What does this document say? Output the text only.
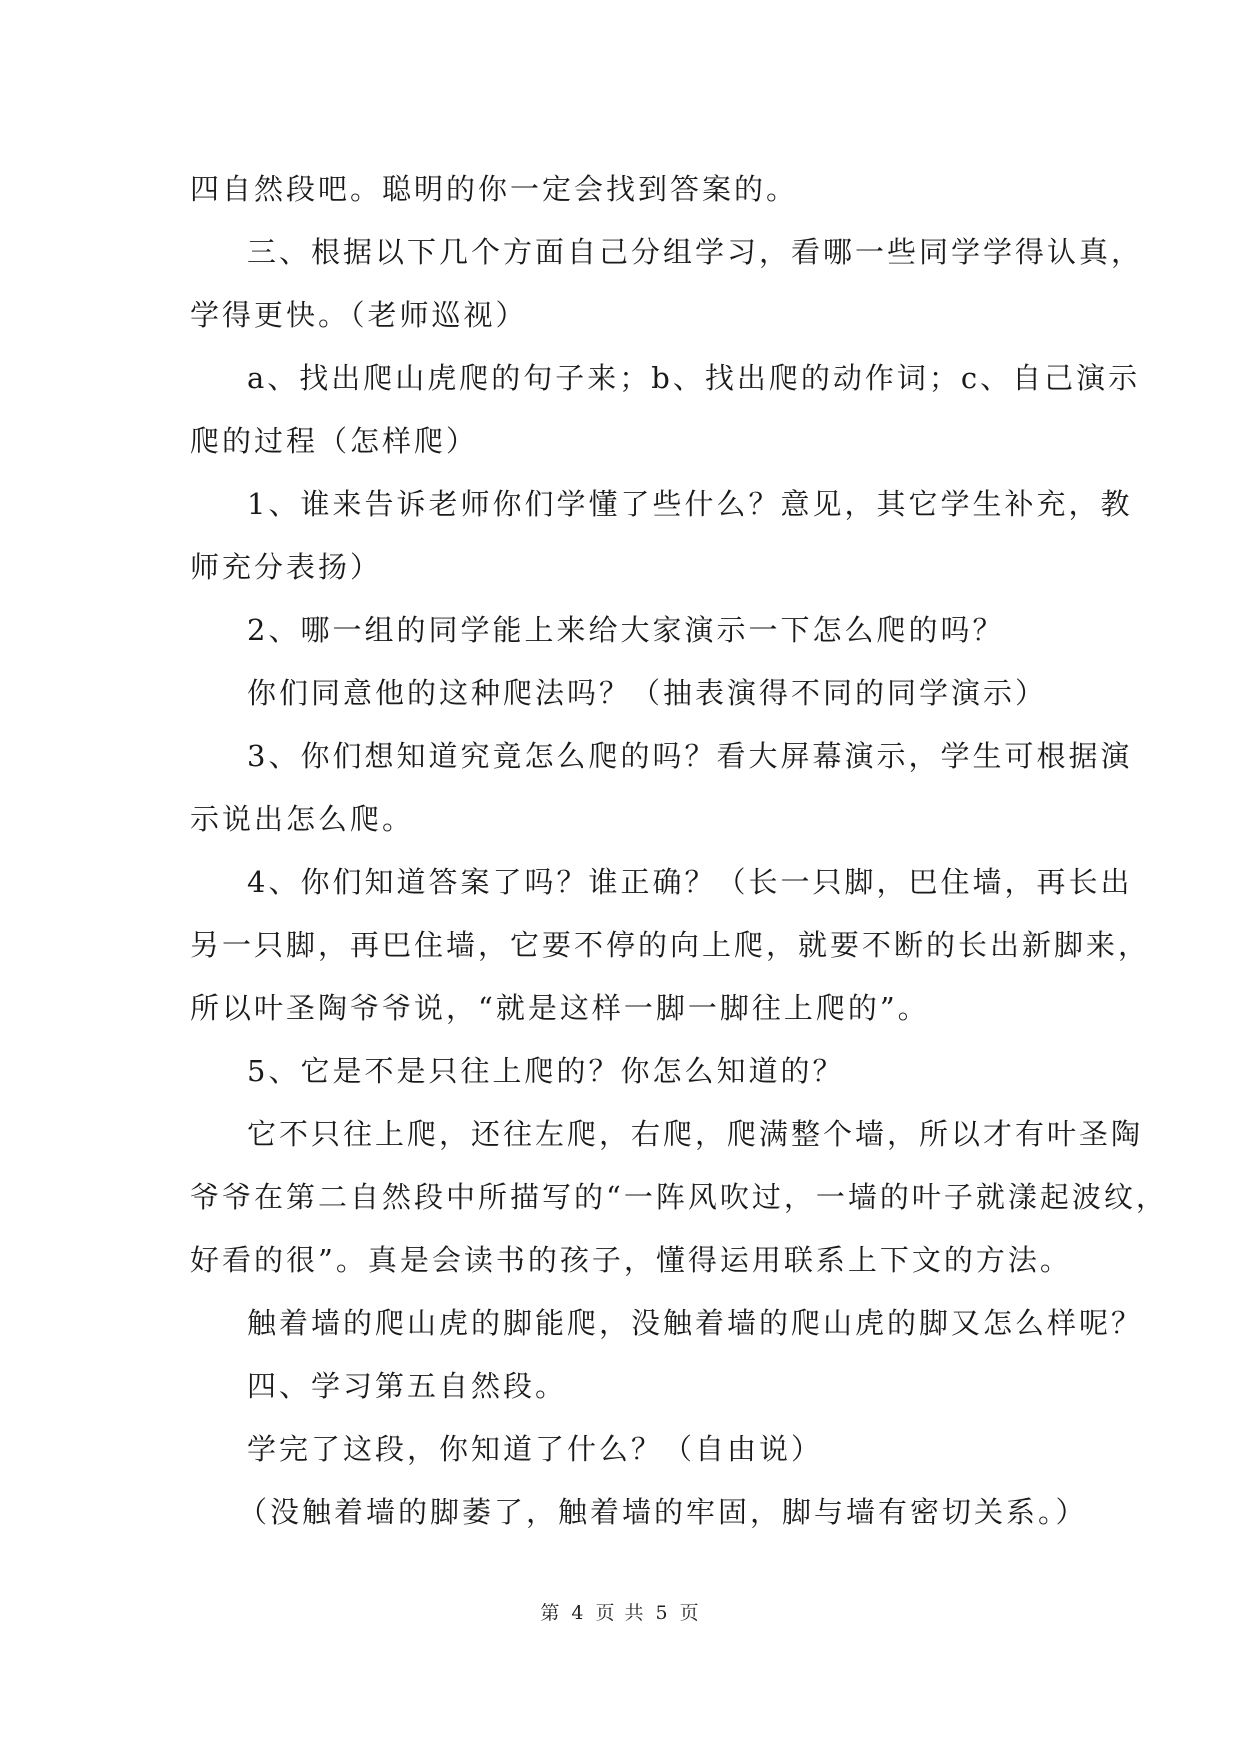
四自然段吧。聪明的你一定会找到答案的。
三、根据以下几个方面自己分组学习，看哪一些同学学得认真，
学得更快。（老师巡视）
a、找出爬山虎爬的句子来；b、找出爬的动作词；c、自己演示
爬的过程（怎样爬）
1、谁来告诉老师你们学懂了些什么？意见，其它学生补充，教
师充分表扬）
2、哪一组的同学能上来给大家演示一下怎么爬的吗？
你们同意他的这种爬法吗？（抽表演得不同的同学演示）
3、你们想知道究竟怎么爬的吗？看大屏幕演示，学生可根据演
示说出怎么爬。
4、你们知道答案了吗？谁正确？（长一只脚，巴住墙，再长出
另一只脚，再巴住墙，它要不停的向上爬，就要不断的长出新脚来，
所以叶圣陶爷爷说，“就是这样一脚一脚往上爬的”。
5、它是不是只往上爬的？你怎么知道的？
它不只往上爬，还往左爬，右爬，爬满整个墙，所以才有叶圣陶
爷爷在第二自然段中所描写的“一阵风吹过，一墙的叶子就漾起波纹，
好看的很”。真是会读书的孩子，懂得运用联系上下文的方法。
触着墙的爬山虎的脚能爬，没触着墙的爬山虎的脚又怎么样呢？
四、学习第五自然段。
学完了这段，你知道了什么？（自由说）
（没触着墙的脚萎了，触着墙的牢固，脚与墙有密切关系。）
第 4 页 共 5 页
